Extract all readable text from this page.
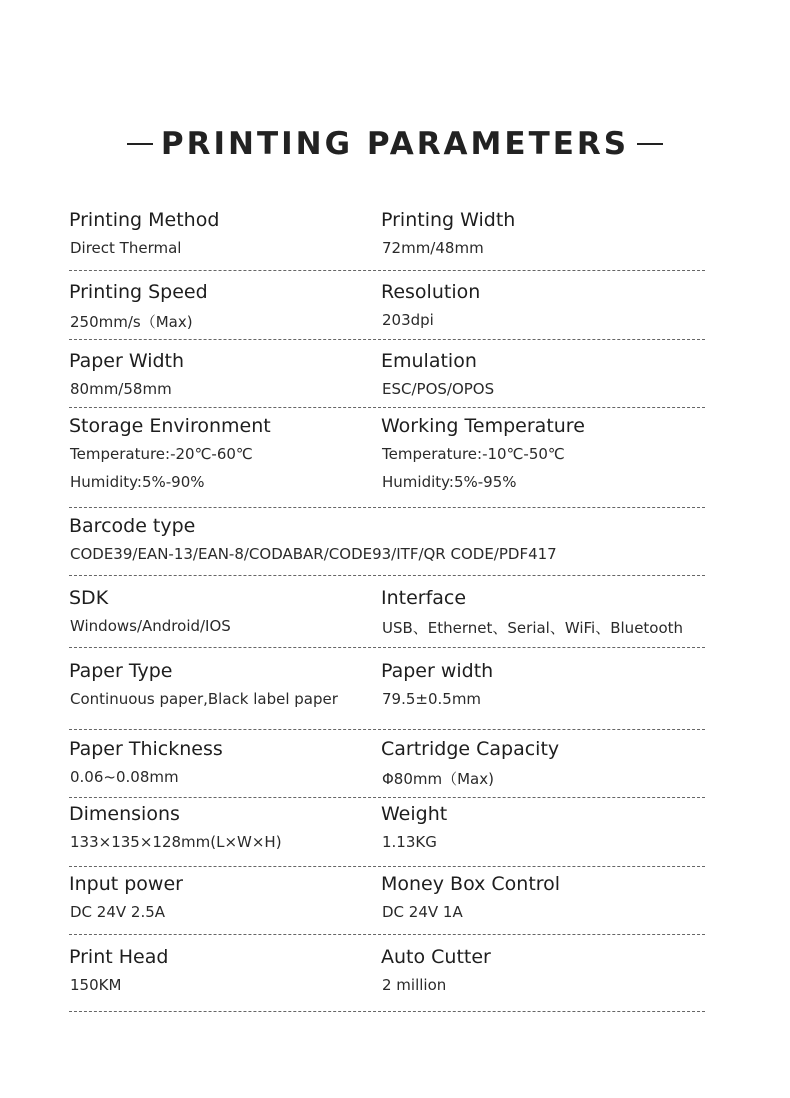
PRINTING PARAMETERS
Printing Method
Direct Thermal
Printing Width
72mm/48mm
Printing Speed
250mm/s（Max)
Resolution
203dpi
Paper Width
80mm/58mm
Emulation
ESC/POS/OPOS
Storage Environment
Temperature:-20℃-60℃
Humidity:5%-90%
Working Temperature
Temperature:-10℃-50℃
Humidity:5%-95%
Barcode type
CODE39/EAN-13/EAN-8/CODABAR/CODE93/ITF/QR CODE/PDF417
SDK
Windows/Android/IOS
Interface
USB、Ethernet、Serial、WiFi、Bluetooth
Paper Type
Continuous paper,Black label paper
Paper width
79.5±0.5mm
Paper Thickness
0.06~0.08mm
Cartridge Capacity
Φ80mm（Max)
Dimensions
133×135×128mm(L×W×H)
Weight
1.13KG
Input power
DC 24V 2.5A
Money Box Control
DC 24V 1A
Print Head
150KM
Auto Cutter
2 million
